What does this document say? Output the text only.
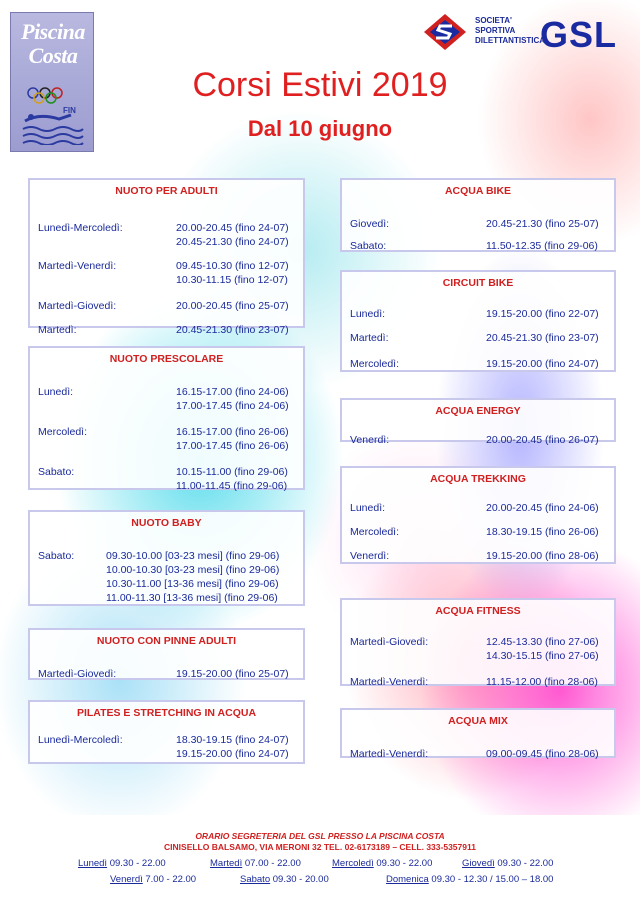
Piscina
Costa
FIN
SOCIETA'
SPORTIVA
DILETTANTISTICA
GSL
Corsi Estivi 2019
Dal 10 giugno
NUOTO PER ADULTI
Lunedì-Mercoledì:	20.00-20.45 (fino 24-07)
20.45-21.30 (fino 24-07)
Martedì-Venerdì:	09.45-10.30 (fino 12-07)
10.30-11.15 (fino 12-07)
Martedì-Giovedì:	20.00-20.45 (fino 25-07)
Martedì:	20.45-21.30 (fino 23-07)
NUOTO PRESCOLARE
Lunedì:	16.15-17.00 (fino 24-06)
17.00-17.45 (fino 24-06)
Mercoledì:	16.15-17.00 (fino 26-06)
17.00-17.45 (fino 26-06)
Sabato:	10.15-11.00 (fino 29-06)
11.00-11.45 (fino 29-06)
NUOTO BABY
Sabato:	09.30-10.00 [03-23 mesi] (fino 29-06)
10.00-10.30 [03-23 mesi] (fino 29-06)
10.30-11.00 [13-36 mesi] (fino 29-06)
11.00-11.30 [13-36 mesi] (fino 29-06)
NUOTO CON PINNE ADULTI
Martedì-Giovedì:	19.15-20.00 (fino 25-07)
PILATES E STRETCHING IN ACQUA
Lunedì-Mercoledì:	18.30-19.15 (fino 24-07)
19.15-20.00 (fino 24-07)
ACQUA BIKE
Giovedì:	20.45-21.30 (fino 25-07)
Sabato:	11.50-12.35 (fino 29-06)
CIRCUIT BIKE
Lunedì:	19.15-20.00 (fino 22-07)
Martedì:	20.45-21.30 (fino 23-07)
Mercoledì:	19.15-20.00 (fino 24-07)
ACQUA ENERGY
Venerdì:	20.00-20.45 (fino 26-07)
ACQUA TREKKING
Lunedì:	20.00-20.45 (fino 24-06)
Mercoledì:	18.30-19.15 (fino 26-06)
Venerdì:	19.15-20.00 (fino 28-06)
ACQUA FITNESS
Martedì-Giovedì:	12.45-13.30 (fino 27-06)
14.30-15.15 (fino 27-06)
Martedì-Venerdì:	11.15-12.00 (fino 28-06)
ACQUA MIX
Martedì-Venerdì:	09.00-09.45 (fino 28-06)
ORARIO SEGRETERIA DEL GSL PRESSO LA PISCINA COSTA
CINISELLO BALSAMO, VIA MERONI 32 TEL. 02-6173189 – CELL. 333-5357911
Lunedì 09.30 - 22.00	Martedì 07.00 - 22.00	Mercoledì 09.30 - 22.00	Giovedì 09.30 - 22.00
Venerdì 7.00 - 22.00	Sabato 09.30 - 20.00	Domenica 09.30 - 12.30 / 15.00 – 18.00
